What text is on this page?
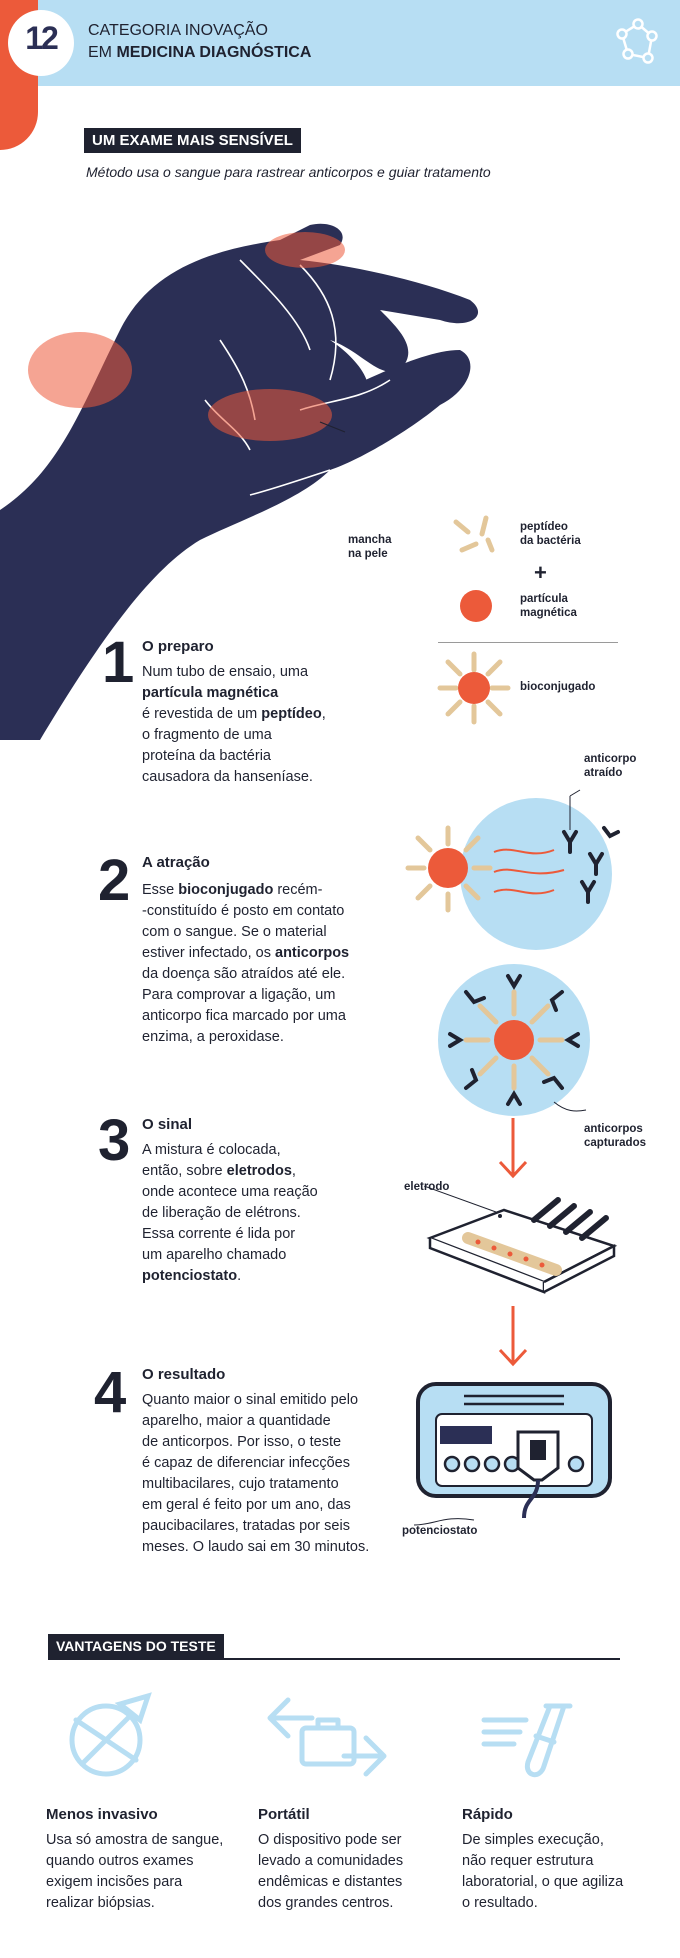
12	CATEGORIA INOVAÇÃO
EM MEDICINA DIAGNÓSTICA
UM EXAME MAIS SENSÍVEL
Método usa o sangue para rastrear anticorpos e guiar tratamento
mancha
na pele
peptídeo
da bactéria
+
partícula
magnética
bioconjugado
anticorpo
atraído
anticorpos
capturados
eletrodo
potenciostato
1 O preparo
Num tubo de ensaio, uma
partícula magnética
é revestida de um peptídeo,
o fragmento de uma
proteína da bactéria
causadora da hanseníase.
2 A atração
Esse bioconjugado recém-
-constituído é posto em contato
com o sangue. Se o material
estiver infectado, os anticorpos
da doença são atraídos até ele.
Para comprovar a ligação, um
anticorpo fica marcado por uma
enzima, a peroxidase.
3 O sinal
A mistura é colocada,
então, sobre eletrodos,
onde acontece uma reação
de liberação de elétrons.
Essa corrente é lida por
um aparelho chamado
potenciostato.
4 O resultado
Quanto maior o sinal emitido pelo
aparelho, maior a quantidade
de anticorpos. Por isso, o teste
é capaz de diferenciar infecções
multibacilares, cujo tratamento
em geral é feito por um ano, das
paucibacilares, tratadas por seis
meses. O laudo sai em 30 minutos.
VANTAGENS DO TESTE
Menos invasivo
Usa só amostra de sangue,
quando outros exames
exigem incisões para
realizar biópsias.
Portátil
O dispositivo pode ser
levado a comunidades
endêmicas e distantes
dos grandes centros.
Rápido
De simples execução,
não requer estrutura
laboratorial, o que agiliza
o resultado.
